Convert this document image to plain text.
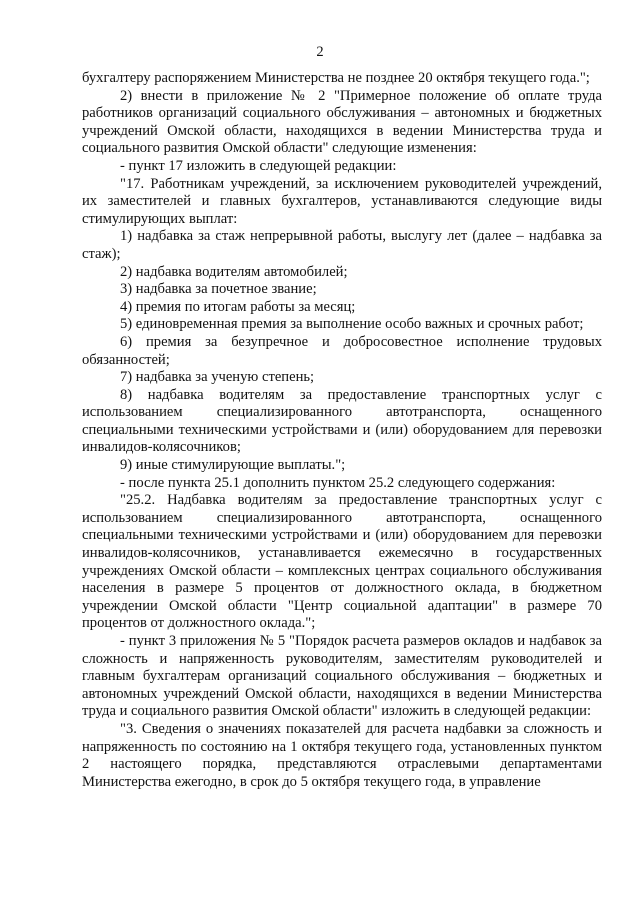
2

бухгалтеру распоряжением Министерства не позднее 20 октября текущего года.";

2) внести в приложение № 2 "Примерное положение об оплате труда работников организаций социального обслуживания – автономных и бюджетных учреждений Омской области, находящихся в ведении Министерства труда и социального развития Омской области" следующие изменения:

- пункт 17 изложить в следующей редакции:

"17. Работникам учреждений, за исключением руководителей учреждений, их заместителей и главных бухгалтеров, устанавливаются следующие виды стимулирующих выплат:

1) надбавка за стаж непрерывной работы, выслугу лет (далее – надбавка за стаж);

2) надбавка водителям автомобилей;

3) надбавка за почетное звание;

4) премия по итогам работы за месяц;

5) единовременная премия за выполнение особо важных и срочных работ;

6) премия за безупречное и добросовестное исполнение трудовых обязанностей;

7) надбавка за ученую степень;

8) надбавка водителям за предоставление транспортных услуг с использованием специализированного автотранспорта, оснащенного специальными техническими устройствами и (или) оборудованием для перевозки инвалидов-колясочников;

9) иные стимулирующие выплаты.";

- после пункта 25.1 дополнить пунктом 25.2 следующего содержания:

"25.2. Надбавка водителям за предоставление транспортных услуг с использованием специализированного автотранспорта, оснащенного специальными техническими устройствами и (или) оборудованием для перевозки инвалидов-колясочников, устанавливается ежемесячно в государственных учреждениях Омской области – комплексных центрах социального обслуживания населения в размере 5 процентов от должностного оклада, в бюджетном учреждении Омской области "Центр социальной адаптации" в размере 70 процентов от должностного оклада.";

- пункт 3 приложения № 5 "Порядок расчета размеров окладов и надбавок за сложность и напряженность руководителям, заместителям руководителей и главным бухгалтерам организаций социального обслуживания – бюджетных и автономных учреждений Омской области, находящихся в ведении Министерства труда и социального развития Омской области" изложить в следующей редакции:

"3. Сведения о значениях показателей для расчета надбавки за сложность и напряженность по состоянию на 1 октября текущего года, установленных пунктом 2 настоящего порядка, представляются отраслевыми департаментами Министерства ежегодно, в срок до 5 октября текущего года, в управление
